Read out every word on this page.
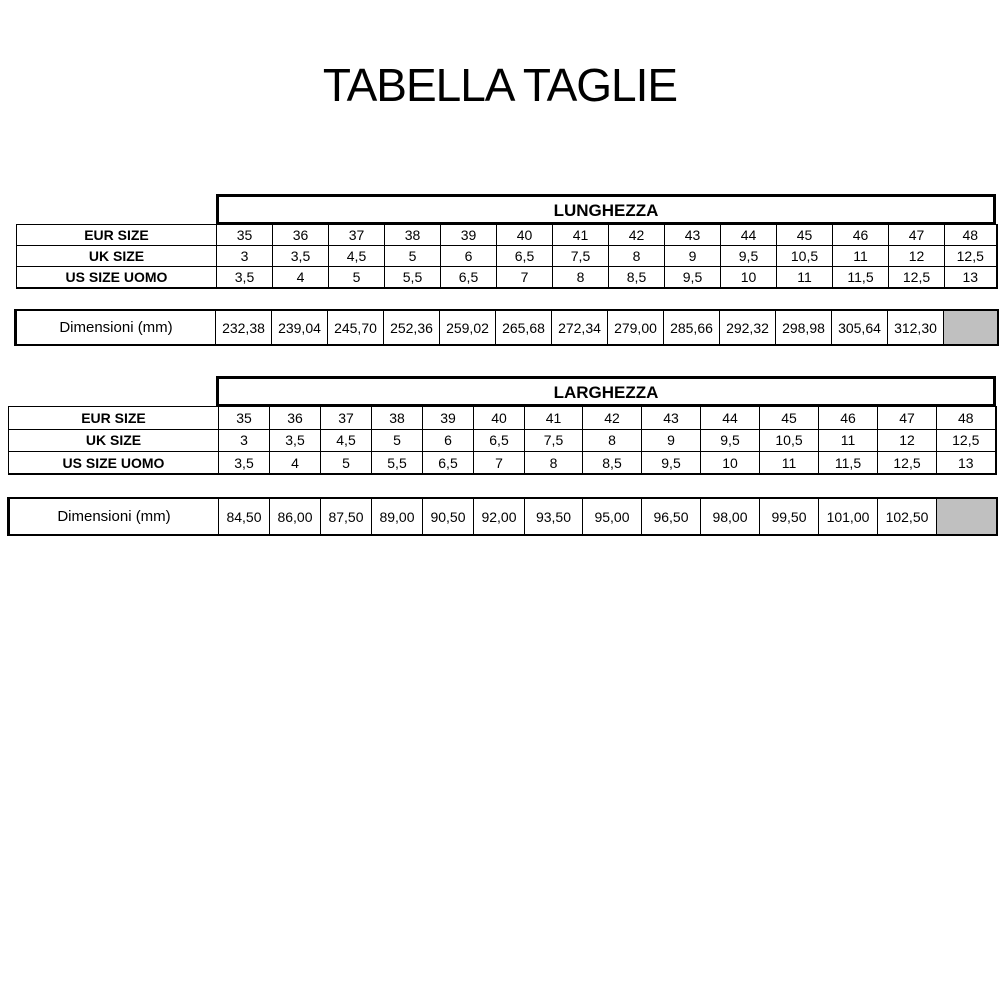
TABELLA TAGLIE
LUNGHEZZA
EUR SIZE	35	36	37	38	39	40	41	42	43	44	45	46	47	48
UK SIZE	3	3,5	4,5	5	6	6,5	7,5	8	9	9,5	10,5	11	12	12,5
US SIZE UOMO	3,5	4	5	5,5	6,5	7	8	8,5	9,5	10	11	11,5	12,5	13
Dimensioni (mm)	232,38	239,04	245,70	252,36	259,02	265,68	272,34	279,00	285,66	292,32	298,98	305,64	312,30	
LARGHEZZA
EUR SIZE	35	36	37	38	39	40	41	42	43	44	45	46	47	48
UK SIZE	3	3,5	4,5	5	6	6,5	7,5	8	9	9,5	10,5	11	12	12,5
US SIZE UOMO	3,5	4	5	5,5	6,5	7	8	8,5	9,5	10	11	11,5	12,5	13
Dimensioni (mm)	84,50	86,00	87,50	89,00	90,50	92,00	93,50	95,00	96,50	98,00	99,50	101,00	102,50	
